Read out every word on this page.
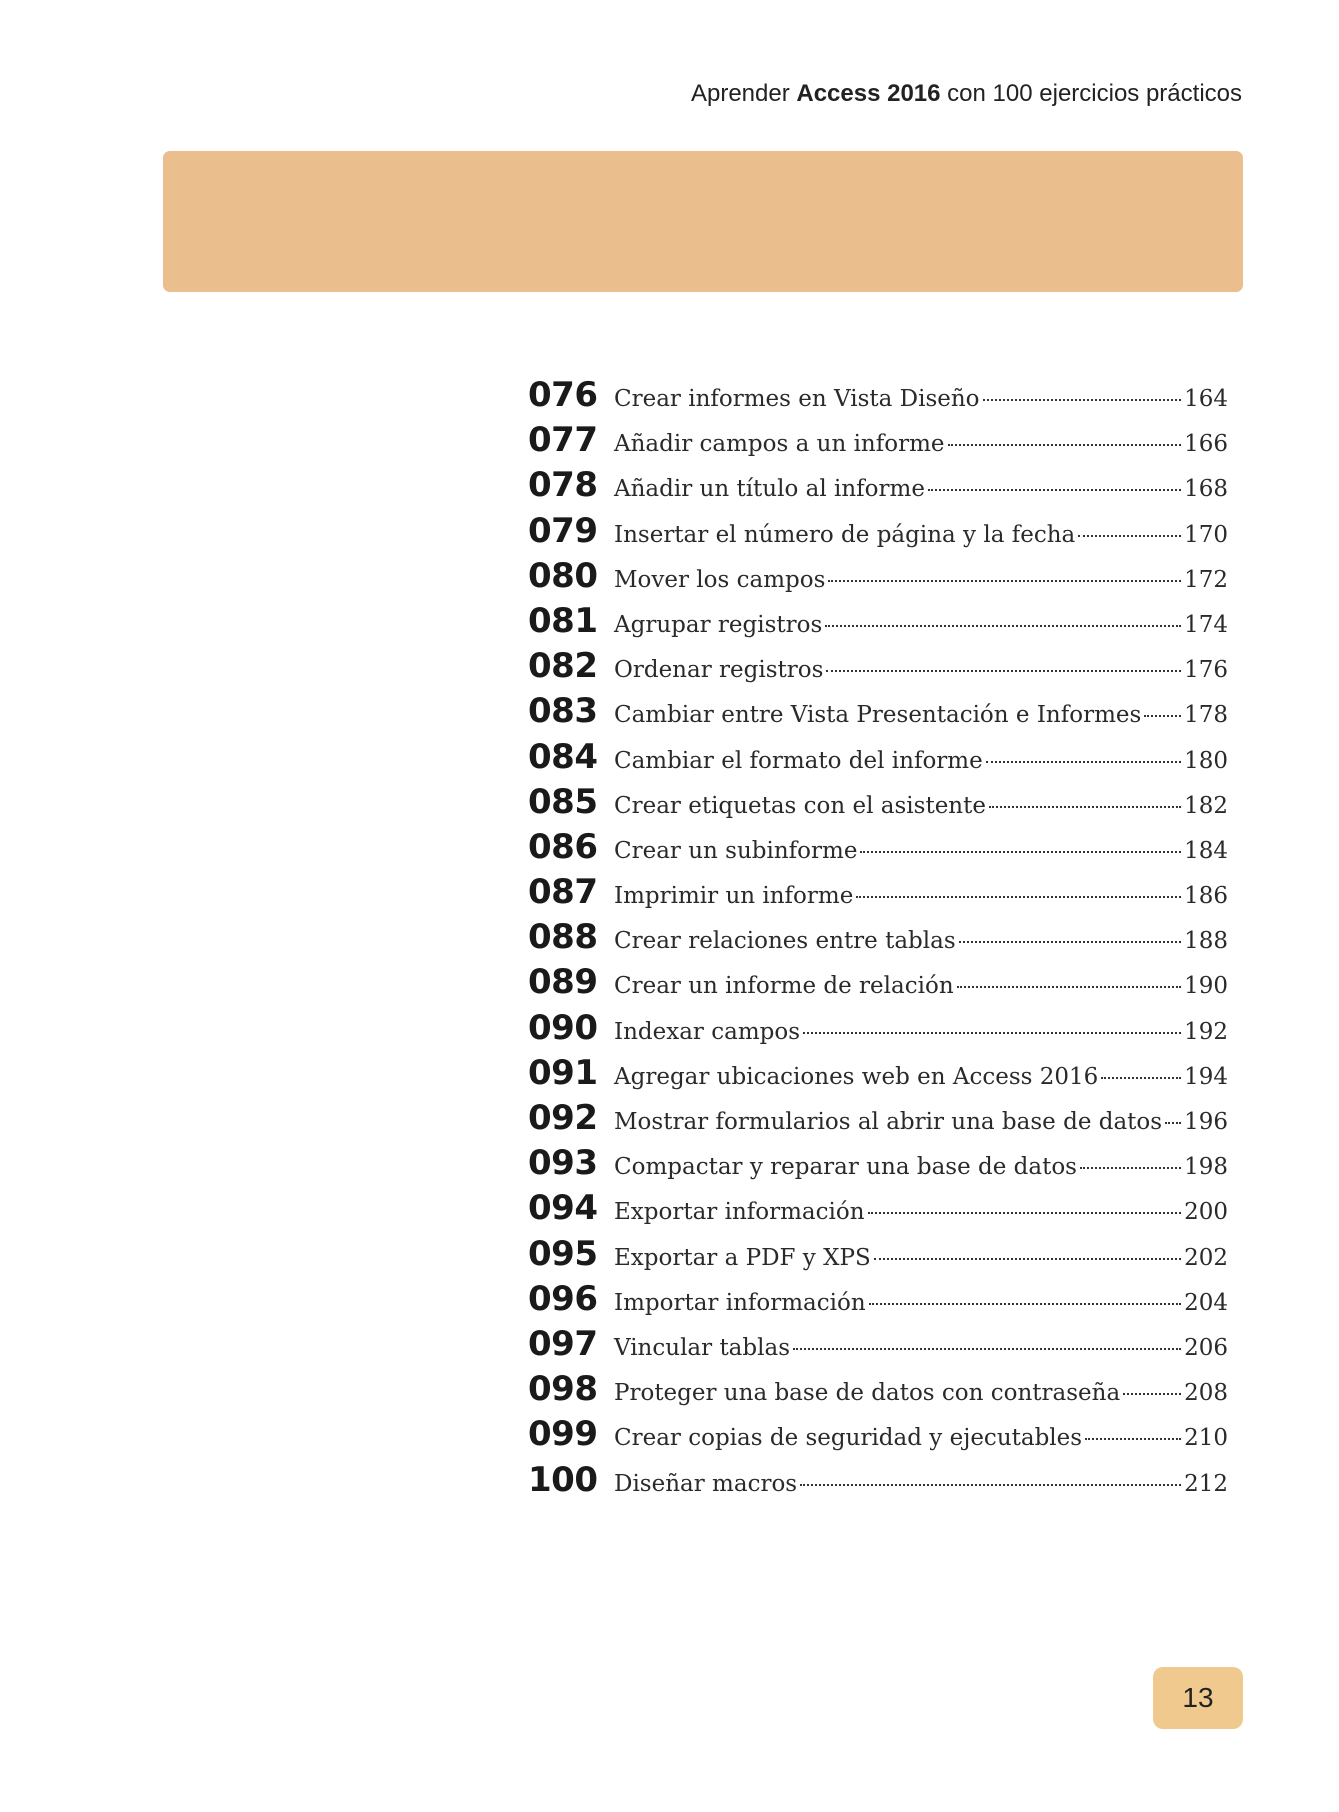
Aprender Access 2016 con 100 ejercicios prácticos
076 Crear informes en Vista Diseño	164
077 Añadir campos a un informe	166
078 Añadir un título al informe	168
079 Insertar el número de página y la fecha	170
080 Mover los campos	172
081 Agrupar registros	174
082 Ordenar registros	176
083 Cambiar entre Vista Presentación e Informes 178
084 Cambiar el formato del informe	180
085 Crear etiquetas con el asistente	182
086 Crear un subinforme	184
087 Imprimir un informe	186
088 Crear relaciones entre tablas	188
089 Crear un informe de relación	190
090 Indexar campos	192
091 Agregar ubicaciones web en Access 2016	194
092 Mostrar formularios al abrir una base de datos 196
093 Compactar y reparar una base de datos	198
094 Exportar información	200
095 Exportar a PDF y XPS	202
096 Importar información	204
097 Vincular tablas	206
098 Proteger una base de datos con contraseña	208
099 Crear copias de seguridad y ejecutables	210
100 Diseñar macros	212
13
